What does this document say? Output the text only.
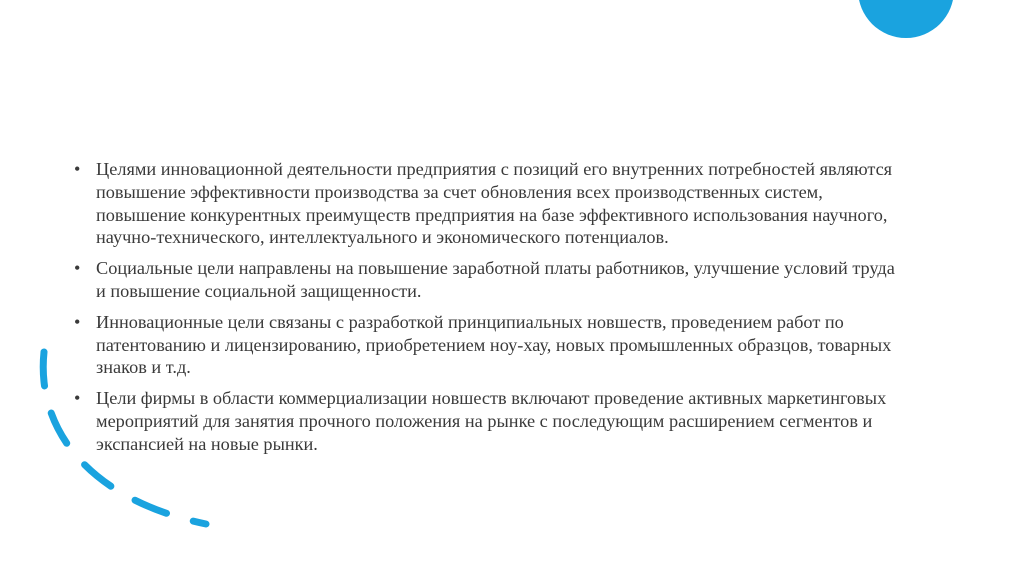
• Целями инновационной деятельности предприятия с позиций его внутренних потребностей являются повышение эффективности производства за счет обновления всех производственных систем, повышение конкурентных преимуществ предприятия на базе эффективного использования научного, научно-технического, интеллектуального и экономического потенциалов.
• Социальные цели направлены на повышение заработной платы работников, улучшение условий труда и повышение социальной защищенности.
• Инновационные цели связаны с разработкой принципиальных новшеств, проведением работ по патентованию и лицензированию, приобретением ноу-хау, новых промышленных образцов, товарных знаков и т.д.
• Цели фирмы в области коммерциализации новшеств включают проведение активных маркетинговых мероприятий для занятия прочного положения на рынке с последующим расширением сегментов и экспансией на новые рынки.
